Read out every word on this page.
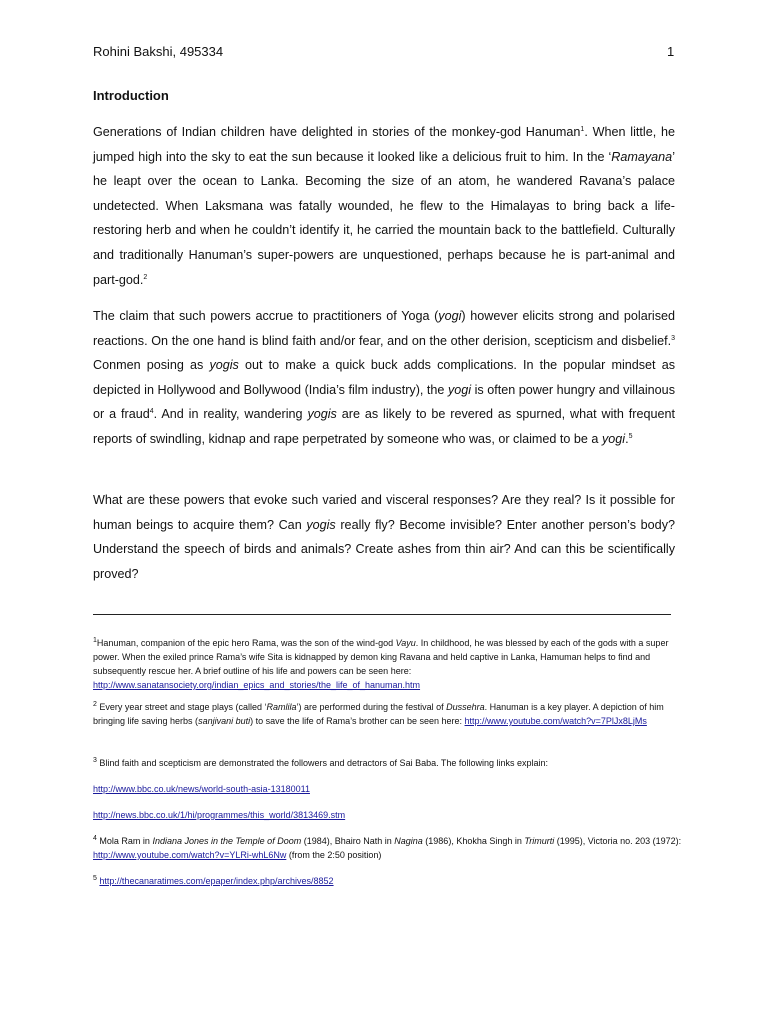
Rohini Bakshi, 495334	1
Introduction

Generations of Indian children have delighted in stories of the monkey-god Hanuman$^1$. When little, he jumped high into the sky to eat the sun because it looked like a delicious fruit to him. In the ‘Ramayana’ he leapt over the ocean to Lanka. Becoming the size of an atom, he wandered Ravana’s palace undetected. When Laksmana was fatally wounded, he flew to the Himalayas to bring back a life-restoring herb and when he couldn’t identify it, he carried the mountain back to the battlefield. Culturally and traditionally Hanuman’s super-powers are unquestioned, perhaps because he is part-animal and part-god.$^2$

The claim that such powers accrue to practitioners of Yoga (yogi) however elicits strong and polarised reactions. On the one hand is blind faith and/or fear, and on the other derision, scepticism and disbelief.$^3$ Conmen posing as yogis out to make a quick buck adds complications. In the popular mindset as depicted in Hollywood and Bollywood (India’s film industry), the yogi is often power hungry and villainous or a fraud$^4$. And in reality, wandering yogis are as likely to be revered as spurned, what with frequent reports of swindling, kidnap and rape perpetrated by someone who was, or claimed to be a yogi.$^5$

What are these powers that evoke such varied and visceral responses? Are they real? Is it possible for human beings to acquire them? Can yogis really fly? Become invisible? Enter another person’s body? Understand the speech of birds and animals? Create ashes from thin air? And can this be scientifically proved?

$^1$Hanuman, companion of the epic hero Rama, was the son of the wind-god Vayu. In childhood, he was blessed by each of the gods with a super power. When the exiled prince Rama’s wife Sita is kidnapped by demon king Ravana and held captive in Lanka, Hamuman helps to find and subsequently rescue her. A brief outline of his life and powers can be seen here: http://www.sanatansociety.org/indian_epics_and_stories/the_life_of_hanuman.htm

$^2$ Every year street and stage plays (called ‘Ramlila’) are performed during the festival of Dussehra. Hanuman is a key player. A depiction of him bringing life saving herbs (sanjivani buti) to save the life of Rama’s brother can be seen here: http://www.youtube.com/watch?v=7PlJx8LjMs

$^3$ Blind faith and scepticism are demonstrated the followers and detractors of Sai Baba. The following links explain:

http://www.bbc.co.uk/news/world-south-asia-13180011

http://news.bbc.co.uk/1/hi/programmes/this_world/3813469.stm

$^4$ Mola Ram in Indiana Jones in the Temple of Doom (1984), Bhairo Nath in Nagina (1986), Khokha Singh in Trimurti (1995), Victoria no. 203 (1972): http://www.youtube.com/watch?v=YLRi-whL6Nw (from the 2:50 position)

$^5$ http://thecanaratimes.com/epaper/index.php/archives/8852
